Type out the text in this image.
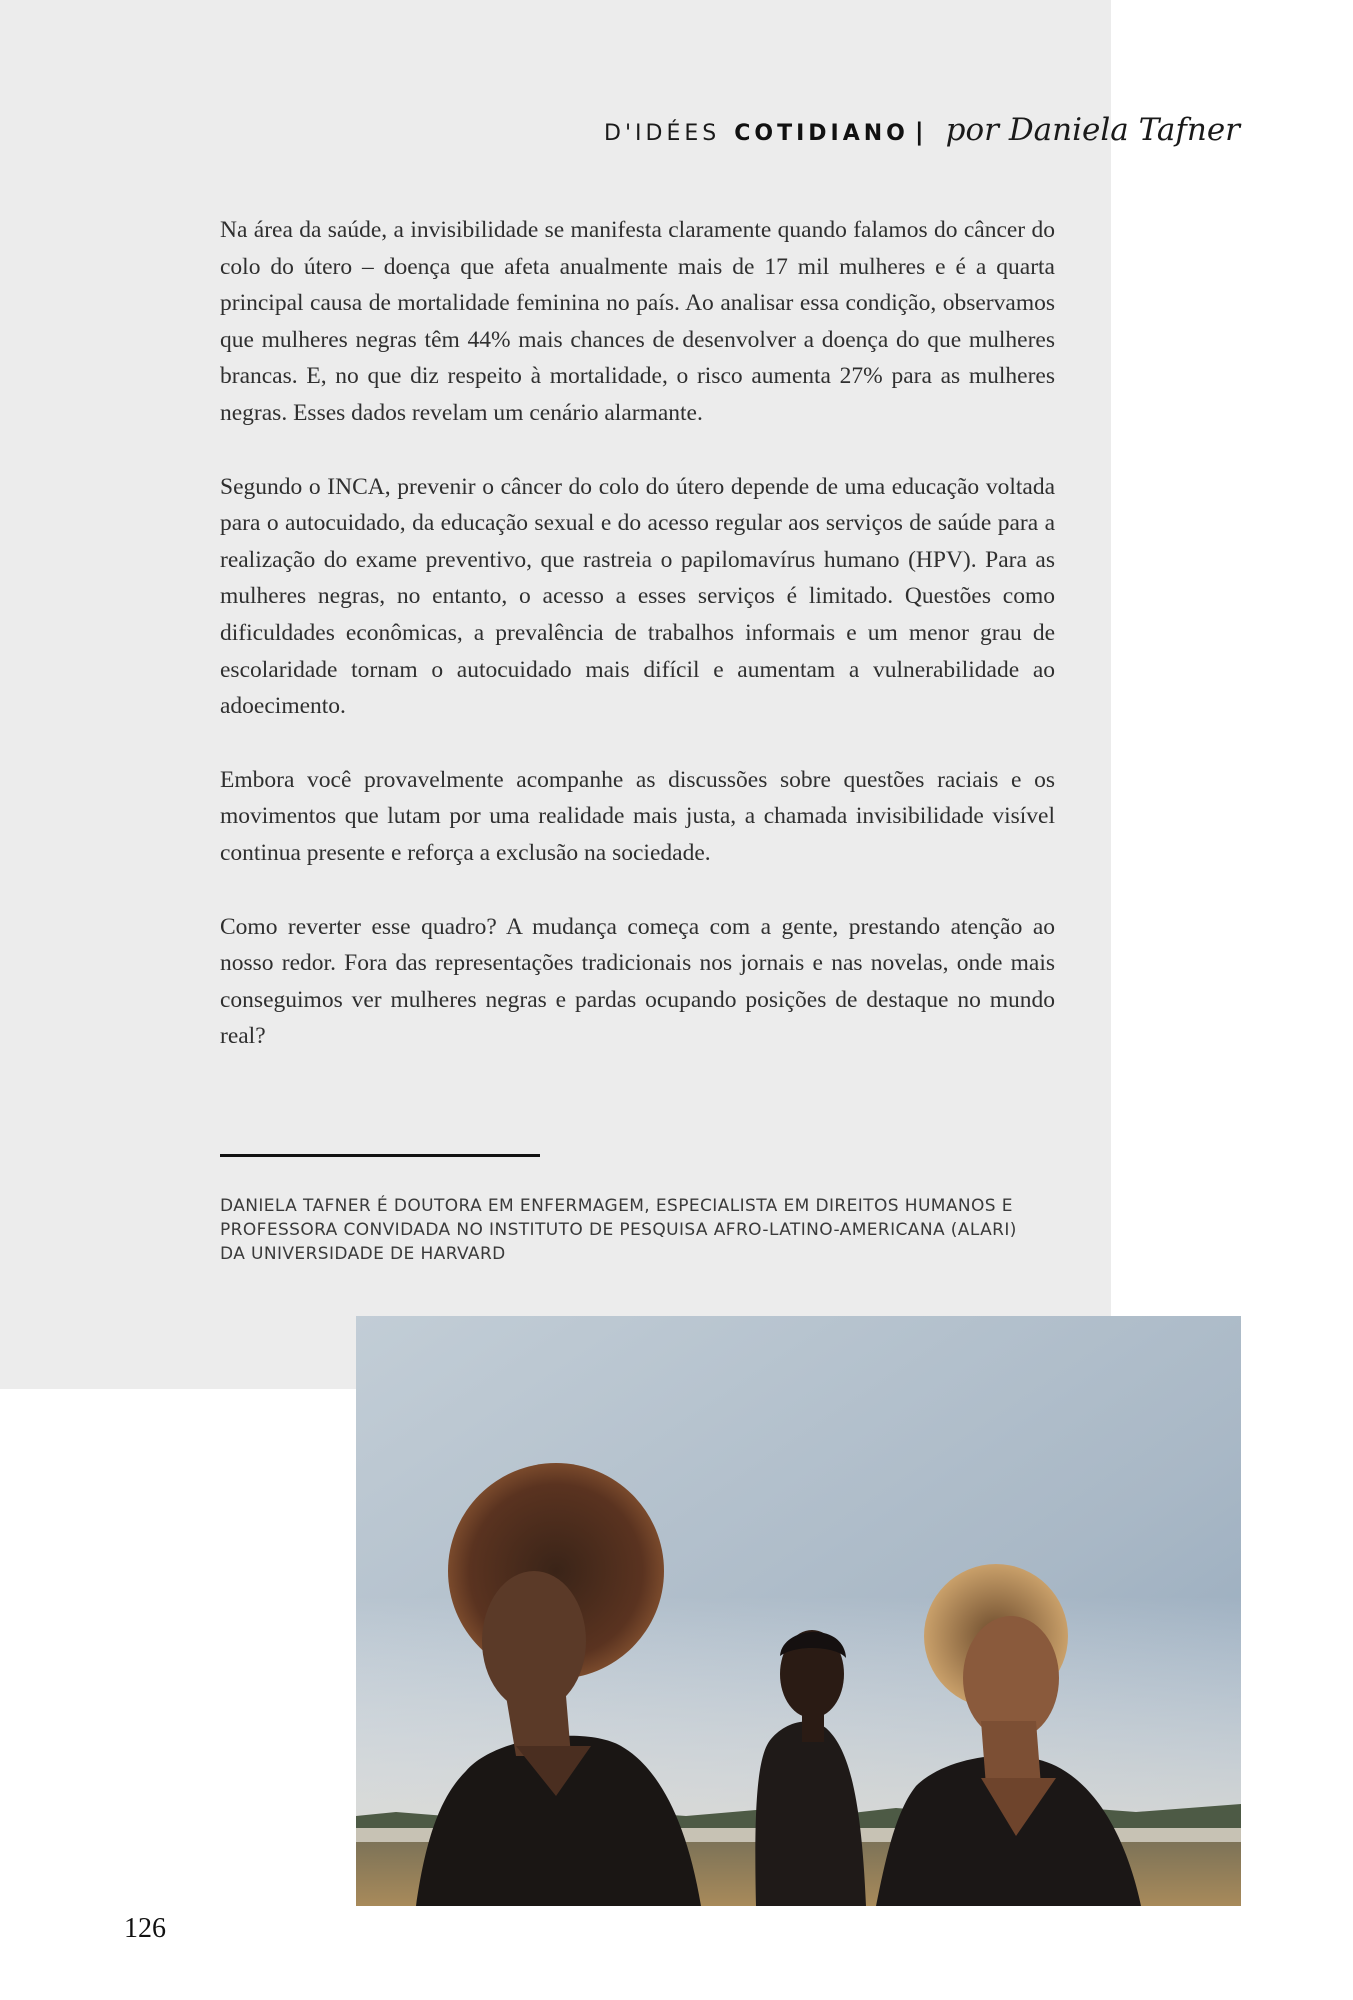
D'IDÉES COTIDIANO | por Daniela Tafner

Na área da saúde, a invisibilidade se manifesta claramente quando falamos do câncer do colo do útero – doença que afeta anualmente mais de 17 mil mulheres e é a quarta principal causa de mortalidade feminina no país. Ao analisar essa condição, observamos que mulheres negras têm 44% mais chances de desenvolver a doença do que mulheres brancas. E, no que diz respeito à mortalidade, o risco aumenta 27% para as mulheres negras. Esses dados revelam um cenário alarmante.

Segundo o INCA, prevenir o câncer do colo do útero depende de uma educação voltada para o autocuidado, da educação sexual e do acesso regular aos serviços de saúde para a realização do exame preventivo, que rastreia o papilomavírus humano (HPV). Para as mulheres negras, no entanto, o acesso a esses serviços é limitado. Questões como dificuldades econômicas, a prevalência de trabalhos informais e um menor grau de escolaridade tornam o autocuidado mais difícil e aumentam a vulnerabilidade ao adoecimento.

Embora você provavelmente acompanhe as discussões sobre questões raciais e os movimentos que lutam por uma realidade mais justa, a chamada invisibilidade visível continua presente e reforça a exclusão na sociedade.

Como reverter esse quadro? A mudança começa com a gente, prestando atenção ao nosso redor. Fora das representações tradicionais nos jornais e nas novelas, onde mais conseguimos ver mulheres negras e pardas ocupando posições de destaque no mundo real?

DANIELA TAFNER É DOUTORA EM ENFERMAGEM, ESPECIALISTA EM DIREITOS HUMANOS E PROFESSORA CONVIDADA NO INSTITUTO DE PESQUISA AFRO-LATINO-AMERICANA (ALARI) DA UNIVERSIDADE DE HARVARD
126
